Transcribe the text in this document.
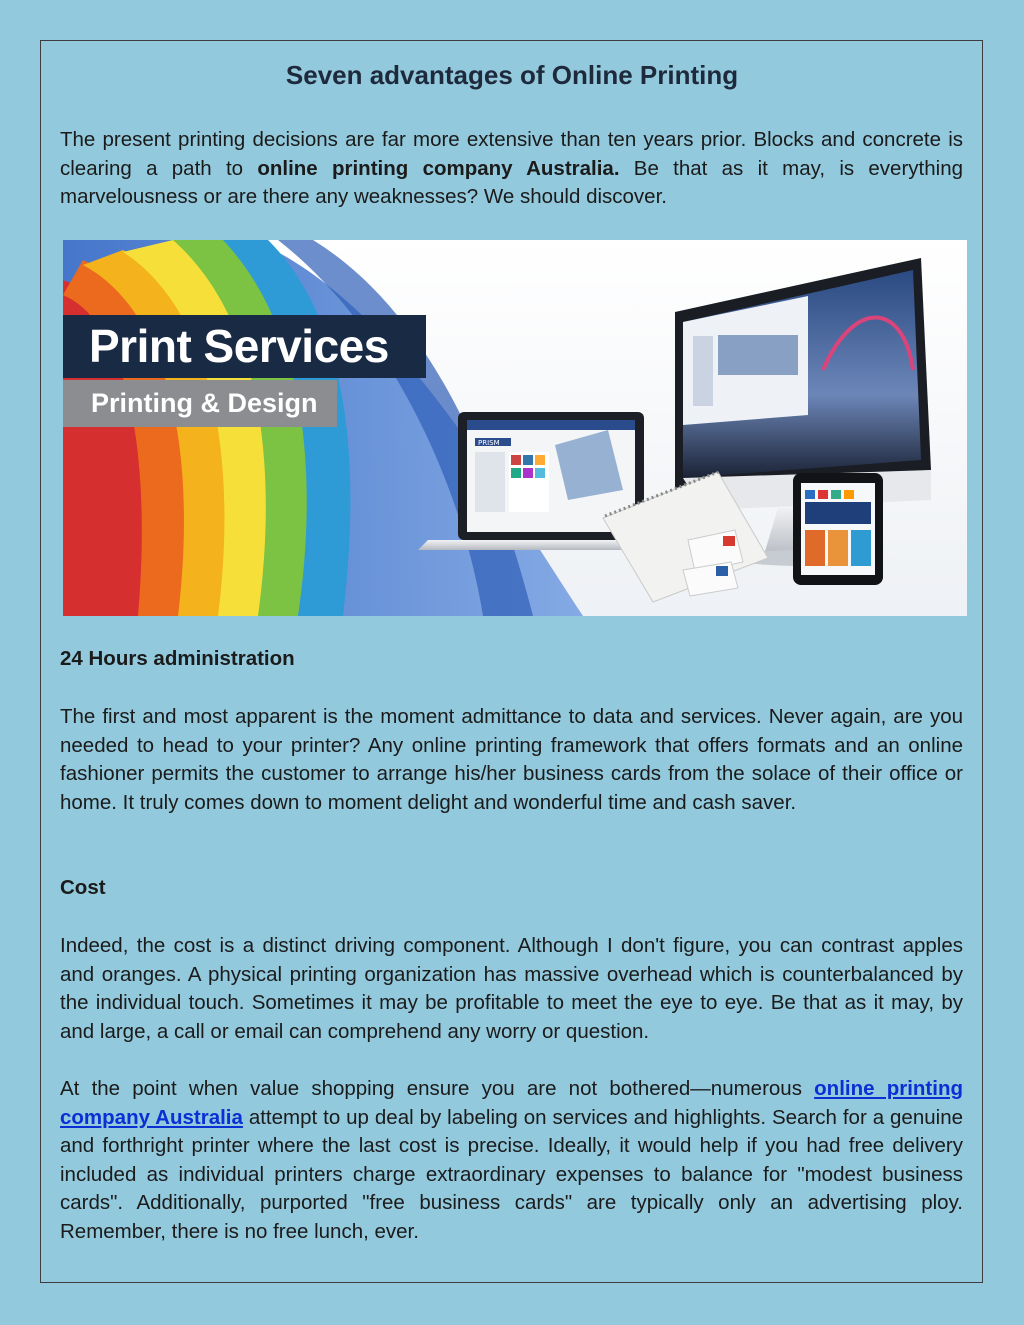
Seven advantages of Online Printing

The present printing decisions are far more extensive than ten years prior. Blocks and concrete is clearing a path to online printing company Australia. Be that as it may, is everything marvelousness or are there any weaknesses? We should discover.

PRISM
Print Services
Printing & Design
24 Hours administration

The first and most apparent is the moment admittance to data and services. Never again, are you needed to head to your printer? Any online printing framework that offers formats and an online fashioner permits the customer to arrange his/her business cards from the solace of their office or home. It truly comes down to moment delight and wonderful time and cash saver.

Cost

Indeed, the cost is a distinct driving component. Although I don't figure, you can contrast apples and oranges. A physical printing organization has massive overhead which is counterbalanced by the individual touch. Sometimes it may be profitable to meet the eye to eye. Be that as it may, by and large, a call or email can comprehend any worry or question.

At the point when value shopping ensure you are not bothered—numerous online printing company Australia attempt to up deal by labeling on services and highlights. Search for a genuine and forthright printer where the last cost is precise. Ideally, it would help if you had free delivery included as individual printers charge extraordinary expenses to balance for "modest business cards". Additionally, purported "free business cards" are typically only an advertising ploy. Remember, there is no free lunch, ever.
